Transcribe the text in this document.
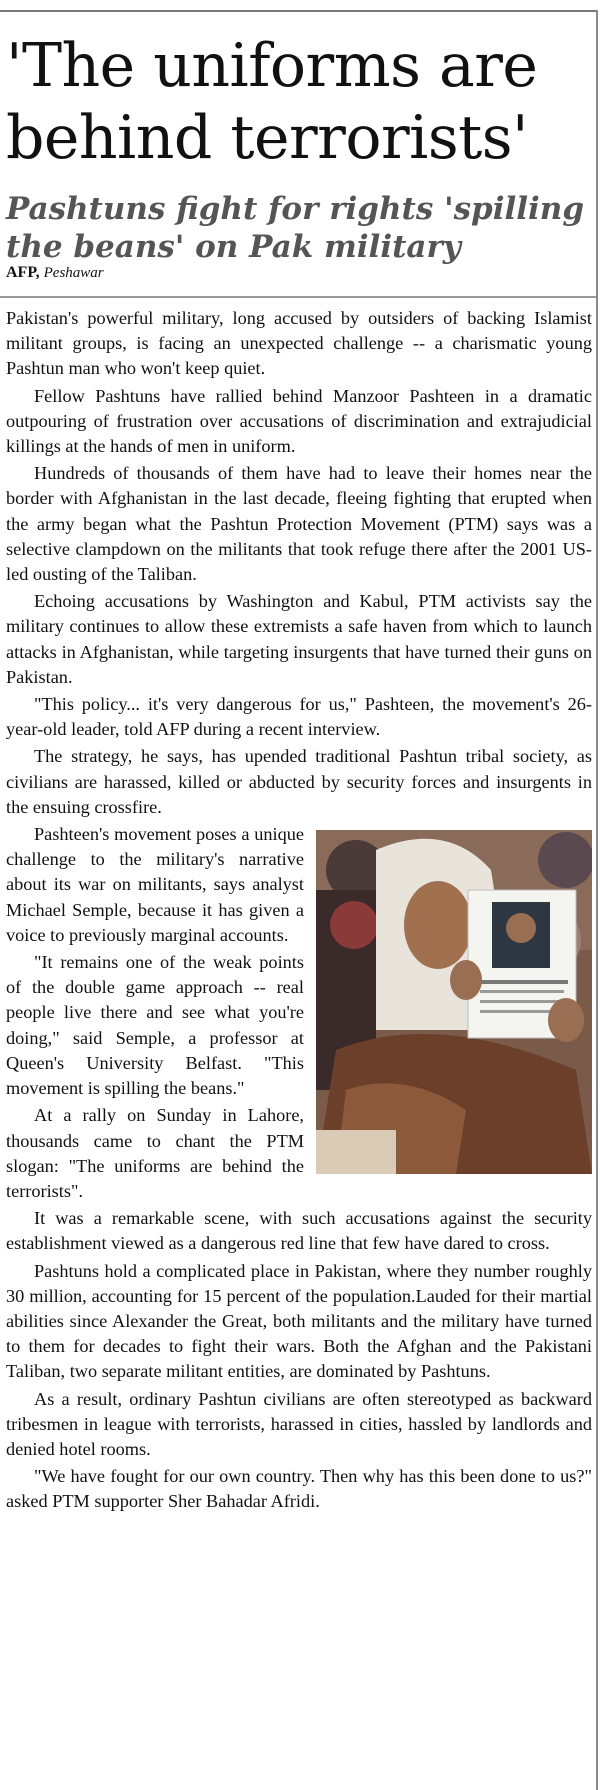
'The uniforms are behind terrorists'
Pashtuns fight for rights 'spilling the beans' on Pak military
AFP, Peshawar

Pakistan's powerful military, long accused by outsiders of backing Islamist militant groups, is facing an unexpected challenge -- a charismatic young Pashtun man who won't keep quiet.

Fellow Pashtuns have rallied behind Manzoor Pashteen in a dramatic outpouring of frustration over accusations of discrimination and extrajudicial killings at the hands of men in uniform.

Hundreds of thousands of them have had to leave their homes near the border with Afghanistan in the last decade, fleeing fighting that erupted when the army began what the Pashtun Protection Movement (PTM) says was a selective clampdown on the militants that took refuge there after the 2001 US-led ousting of the Taliban.

Echoing accusations by Washington and Kabul, PTM activists say the military continues to allow these extremists a safe haven from which to launch attacks in Afghanistan, while targeting insurgents that have turned their guns on Pakistan.

"This policy... it's very dangerous for us," Pashteen, the movement's 26-year-old leader, told AFP during a recent interview.

The strategy, he says, has upended traditional Pashtun tribal society, as civilians are harassed, killed or abducted by security forces and insurgents in the ensuing crossfire.

Pashteen's movement poses a unique challenge to the military's narrative about its war on militants, says analyst Michael Semple, because it has given a voice to previously marginal accounts.

"It remains one of the weak points of the double game approach -- real people live there and see what you're doing," said Semple, a professor at Queen's University Belfast. "This movement is spilling the beans."

At a rally on Sunday in Lahore, thousands came to chant the PTM slogan: "The uniforms are behind the terrorists".

It was a remarkable scene, with such accusations against the security establishment viewed as a dangerous red line that few have dared to cross.

Pashtuns hold a complicated place in Pakistan, where they number roughly 30 million, accounting for 15 percent of the population.Lauded for their martial abilities since Alexander the Great, both militants and the military have turned to them for decades to fight their wars. Both the Afghan and the Pakistani Taliban, two separate militant entities, are dominated by Pashtuns.

As a result, ordinary Pashtun civilians are often stereotyped as backward tribesmen in league with terrorists, harassed in cities, hassled by landlords and denied hotel rooms.

"We have fought for our own country. Then why has this been done to us?" asked PTM supporter Sher Bahadar Afridi.
